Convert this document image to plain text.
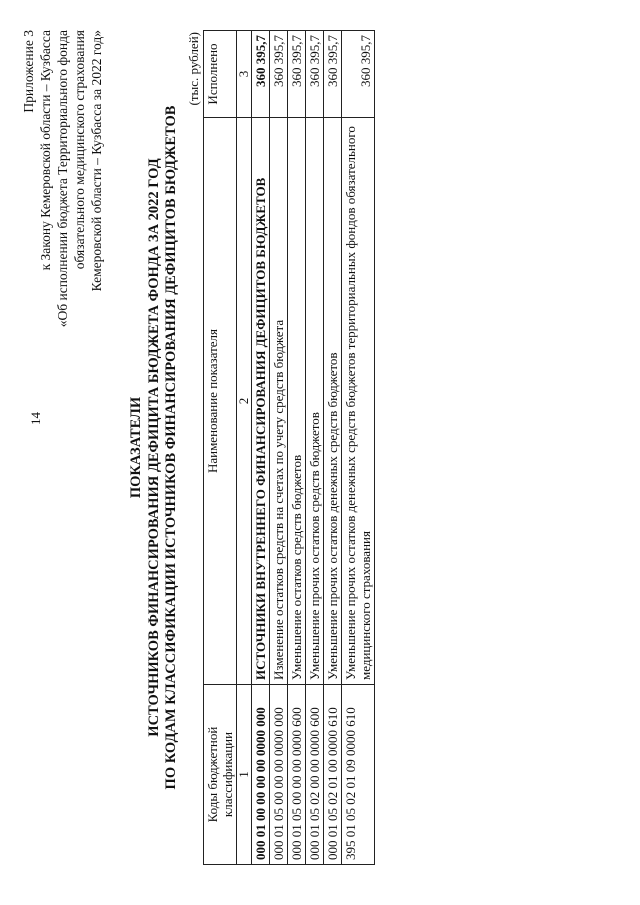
14
Приложение 3 к Закону Кемеровской области – Кузбасса «Об исполнении бюджета Территориального фонда обязательного медицинского страхования Кемеровской области – Кузбасса за 2022 год»
ПОКАЗАТЕЛИ ИСТОЧНИКОВ ФИНАНСИРОВАНИЯ ДЕФИЦИТА БЮДЖЕТА ФОНДА ЗА 2022 ГОД ПО КОДАМ КЛАССИФИКАЦИИ ИСТОЧНИКОВ ФИНАНСИРОВАНИЯ ДЕФИЦИТОВ БЮДЖЕТОВ
(тыс. рублей)
Коды бюджетной классификации	Наименование показателя	Исполнено
1	2	3
000 01 00 00 00 00 0000 000	ИСТОЧНИКИ ВНУТРЕННЕГО ФИНАНСИРОВАНИЯ ДЕФИЦИТОВ БЮДЖЕТОВ	360 395,7
000 01 05 00 00 00 0000 000	Изменение остатков средств на счетах по учету средств бюджета	360 395,7
000 01 05 00 00 00 0000 600	Уменьшение остатков средств бюджетов	360 395,7
000 01 05 02 00 00 0000 600	Уменьшение прочих остатков средств бюджетов	360 395,7
000 01 05 02 01 00 0000 610	Уменьшение прочих остатков денежных средств бюджетов	360 395,7
395 01 05 02 01 09 0000 610	Уменьшение прочих остатков денежных средств бюджетов территориальных фондов обязательного медицинского страхования	360 395,7
